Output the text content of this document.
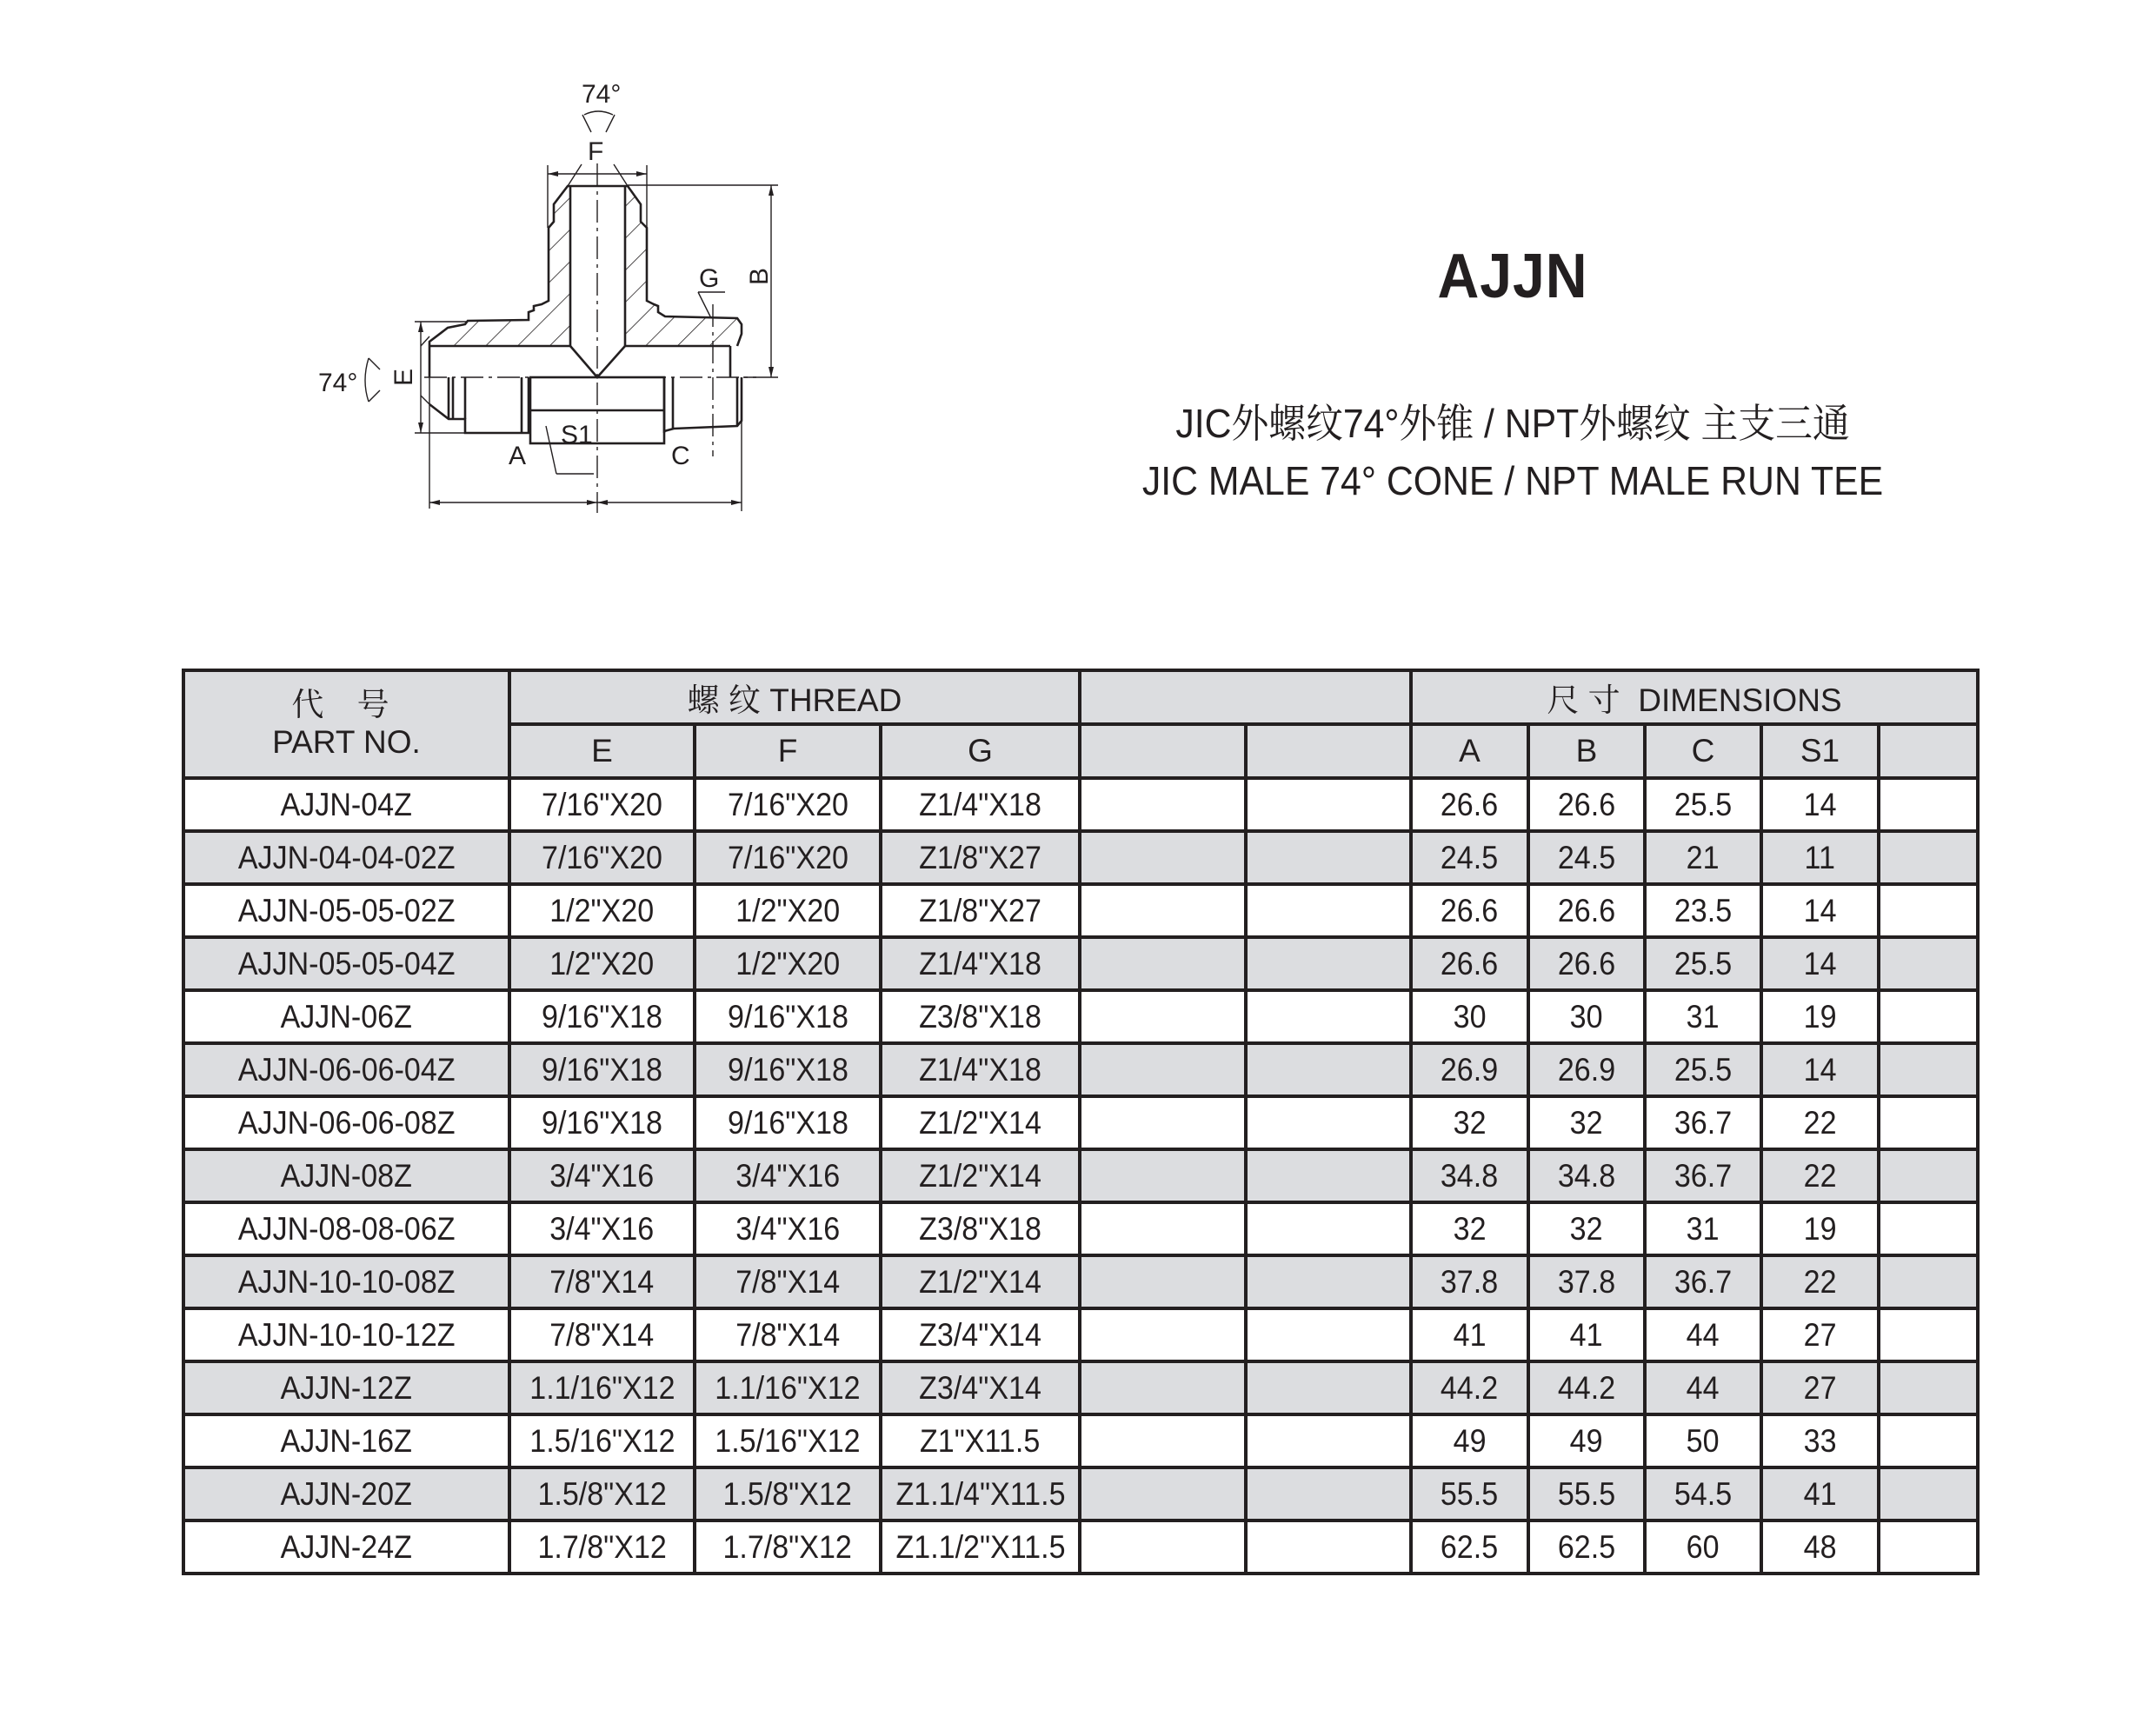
74°
F
G B
E
74°
S1
A	C
AJJN
JIC外螺纹74°外锥 / NPT外螺纹 主支三通
JIC MALE 74° CONE / NPT MALE RUN TEE
代 号
PART NO.	螺 纹 THREAD					尺 寸  DIMENSIONS				
	E	F	G			A	B	C	S1	
AJJN-04Z	7/16"X20	7/16"X20	Z1/4"X18			26.6	26.6	25.5	14	
AJJN-04-04-02Z	7/16"X20	7/16"X20	Z1/8"X27			24.5	24.5	21	11	
AJJN-05-05-02Z	1/2"X20	1/2"X20	Z1/8"X27			26.6	26.6	23.5	14	
AJJN-05-05-04Z	1/2"X20	1/2"X20	Z1/4"X18			26.6	26.6	25.5	14	
AJJN-06Z	9/16"X18	9/16"X18	Z3/8"X18			30	30	31	19	
AJJN-06-06-04Z	9/16"X18	9/16"X18	Z1/4"X18			26.9	26.9	25.5	14	
AJJN-06-06-08Z	9/16"X18	9/16"X18	Z1/2"X14			32	32	36.7	22	
AJJN-08Z	3/4"X16	3/4"X16	Z1/2"X14			34.8	34.8	36.7	22	
AJJN-08-08-06Z	3/4"X16	3/4"X16	Z3/8"X18			32	32	31	19	
AJJN-10-10-08Z	7/8"X14	7/8"X14	Z1/2"X14			37.8	37.8	36.7	22	
AJJN-10-10-12Z	7/8"X14	7/8"X14	Z3/4"X14			41	41	44	27	
AJJN-12Z	1.1/16"X12	1.1/16"X12	Z3/4"X14			44.2	44.2	44	27	
AJJN-16Z	1.5/16"X12	1.5/16"X12	Z1"X11.5			49	49	50	33	
AJJN-20Z	1.5/8"X12	1.5/8"X12	Z1.1/4"X11.5			55.5	55.5	54.5	41	
AJJN-24Z	1.7/8"X12	1.7/8"X12	Z1.1/2"X11.5			62.5	62.5	60	48	
